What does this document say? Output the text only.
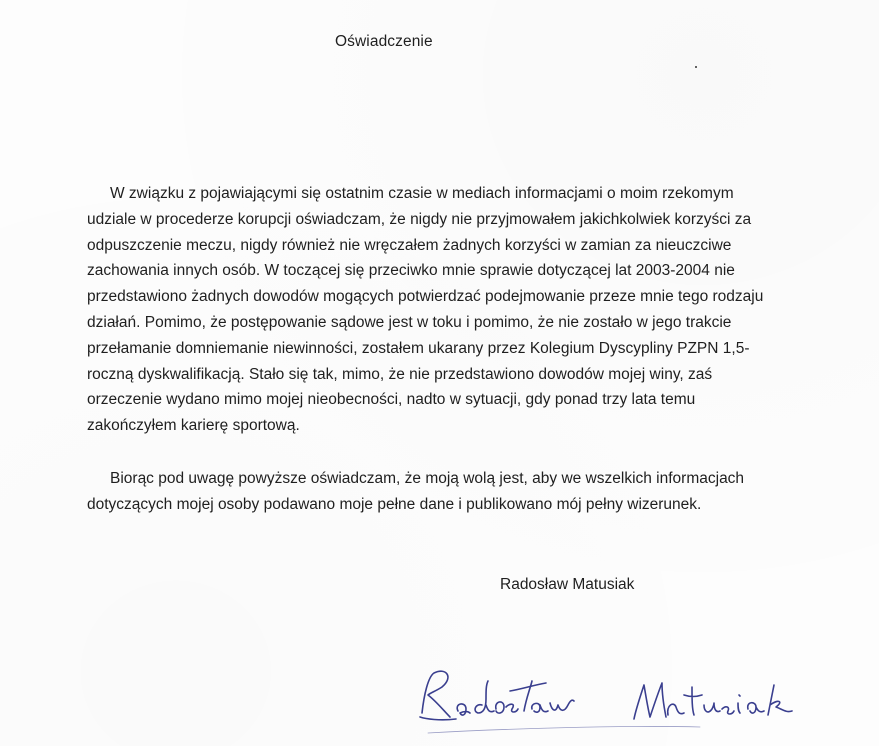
Oświadczenie
W związku z pojawiającymi się ostatnim czasie w mediach informacjami o moim rzekomym
udziale w procederze korupcji oświadczam, że nigdy nie przyjmowałem jakichkolwiek korzyści za
odpuszczenie meczu, nigdy również nie wręczałem żadnych korzyści w zamian za nieuczciwe
zachowania innych osób. W toczącej się przeciwko mnie sprawie dotyczącej lat 2003-2004 nie
przedstawiono żadnych dowodów mogących potwierdzać podejmowanie przeze mnie tego rodzaju
działań. Pomimo, że postępowanie sądowe jest w toku i pomimo, że nie zostało w jego trakcie
przełamanie domniemanie niewinności, zostałem ukarany przez Kolegium Dyscypliny PZPN 1,5-
roczną dyskwalifikacją. Stało się tak, mimo, że nie przedstawiono dowodów mojej winy, zaś
orzeczenie wydano mimo mojej nieobecności, nadto w sytuacji, gdy ponad trzy lata temu
zakończyłem karierę sportową.
Biorąc pod uwagę powyższe oświadczam, że moją wolą jest, aby we wszelkich informacjach
dotyczących mojej osoby podawano moje pełne dane i publikowano mój pełny wizerunek.
Radosław Matusiak
